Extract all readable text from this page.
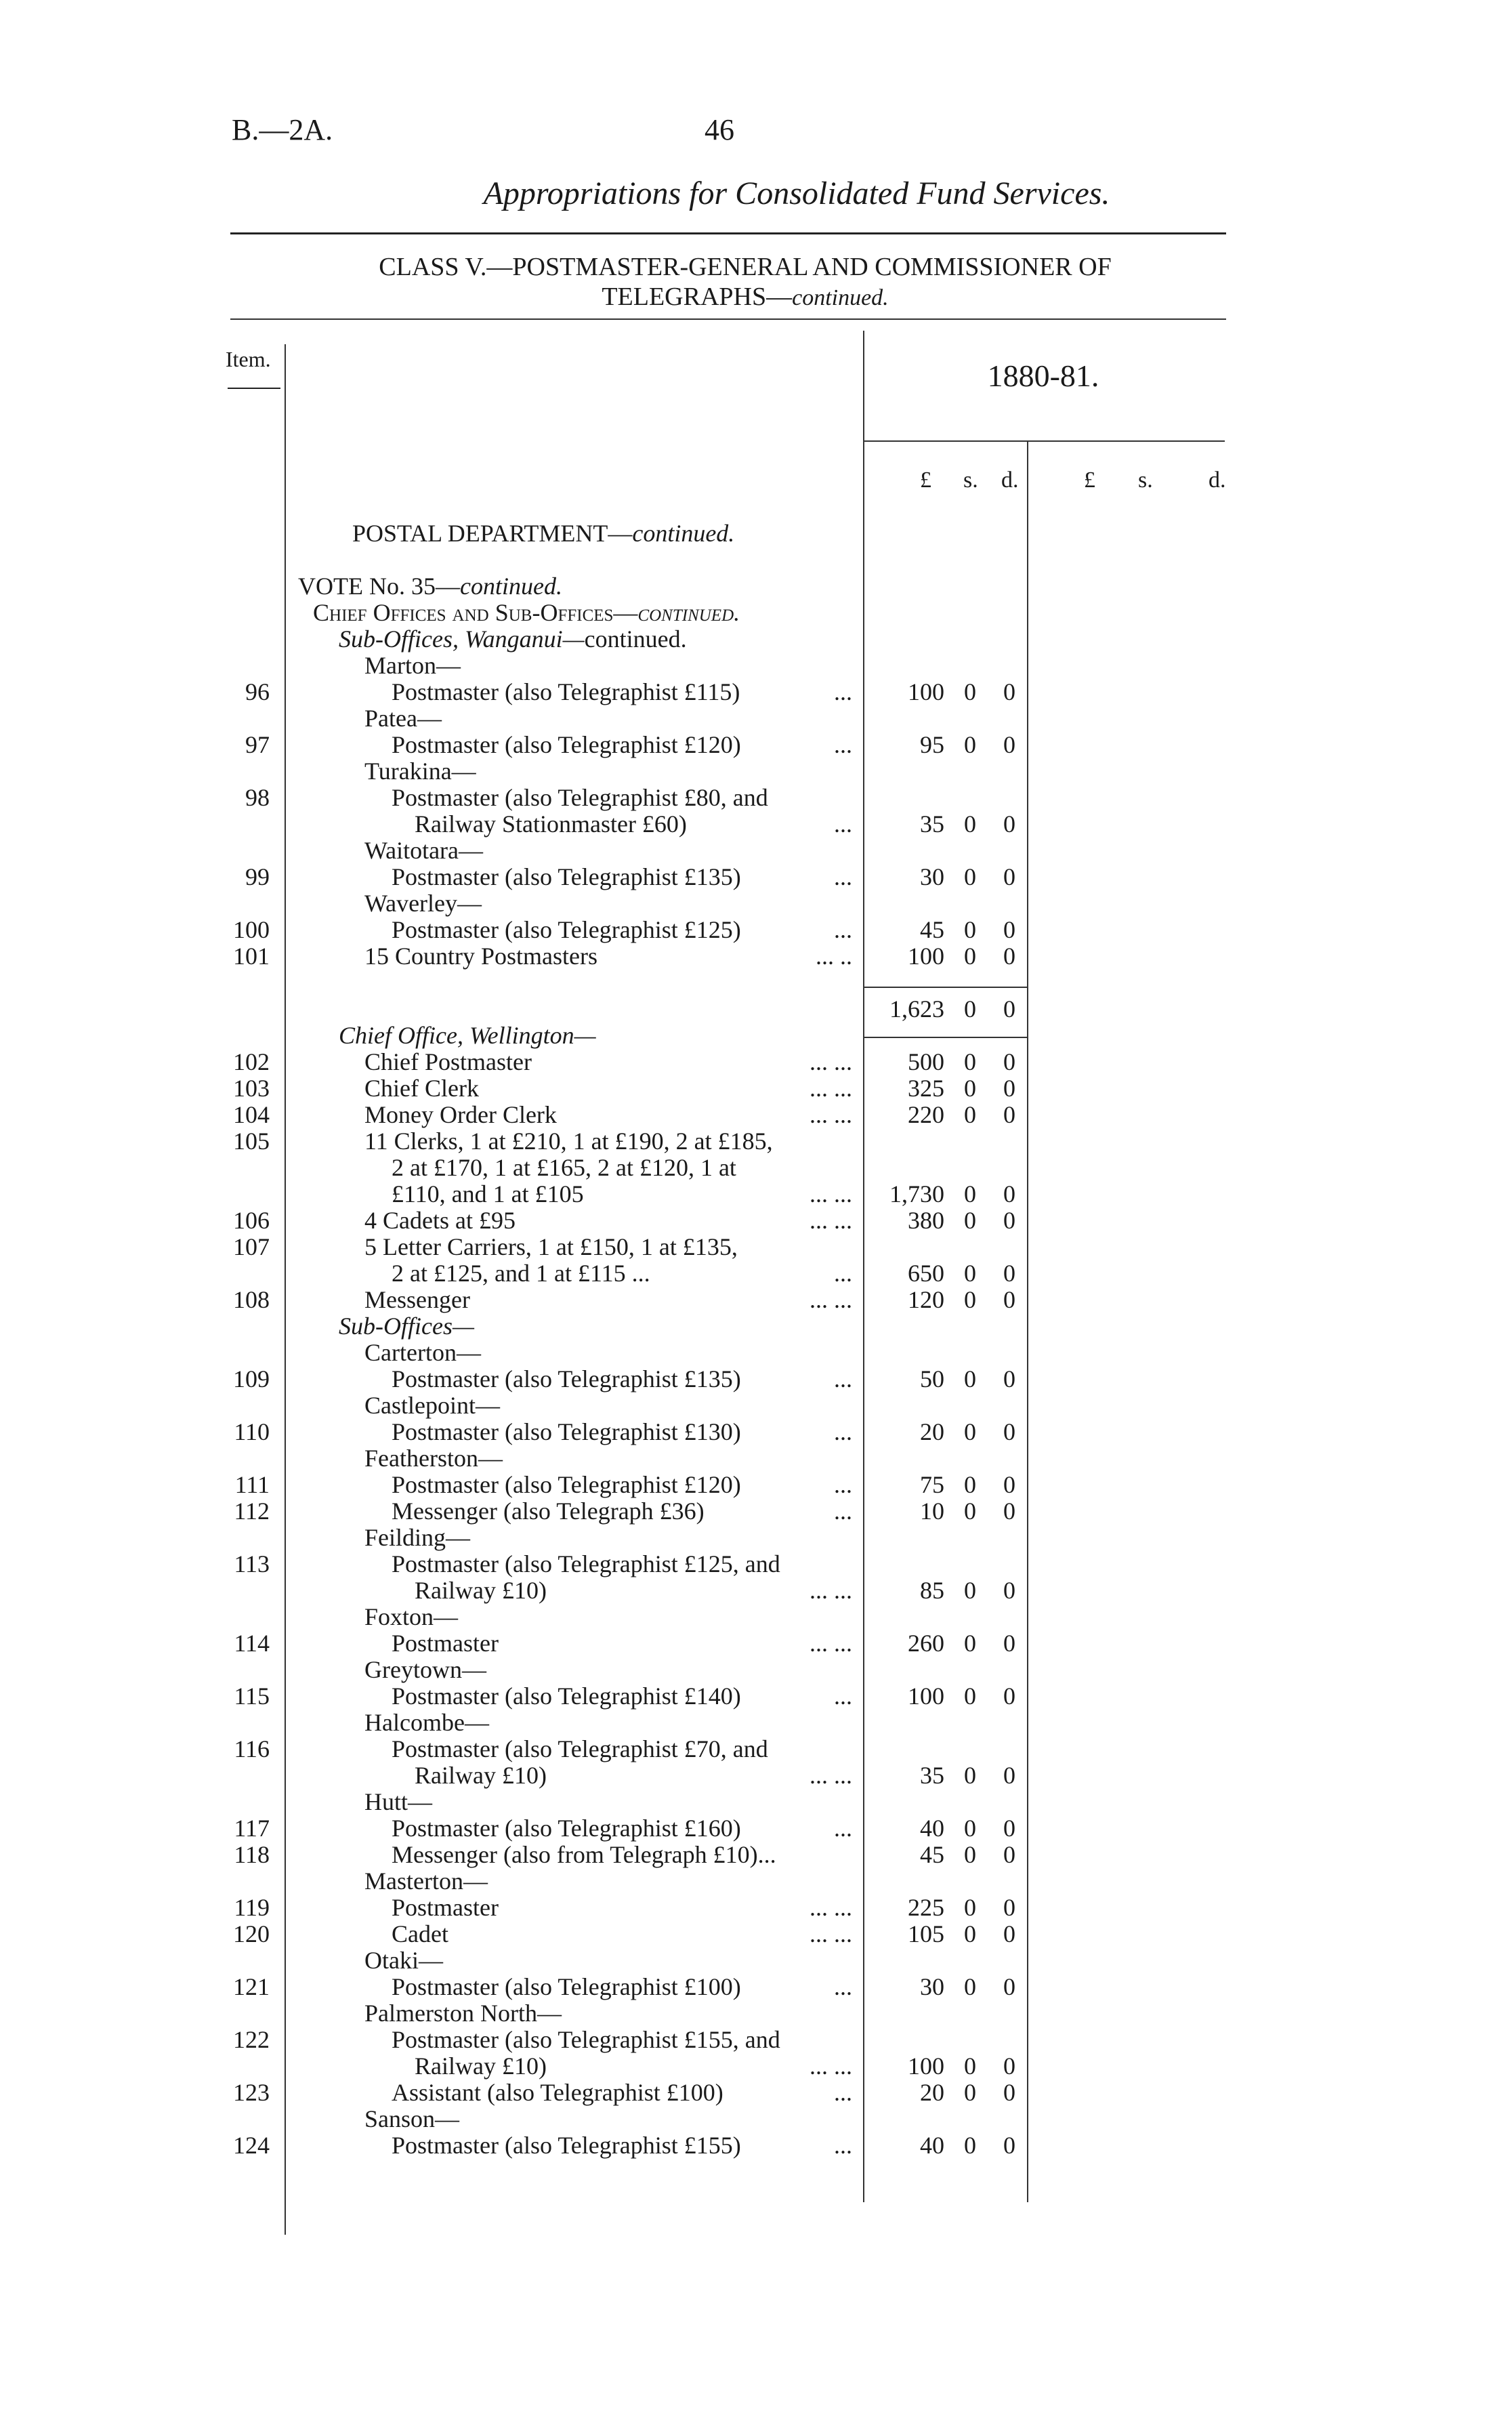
B.—2A.	46
Appropriations for Consolidated Fund Services.
CLASS V.—POSTMASTER-GENERAL AND COMMISSIONER OF
TELEGRAPHS—continued.
Item.	1880-81.
£ s. d.	£ s. d.
POSTAL DEPARTMENT—continued.
VOTE No. 35—continued.
Chief Offices and Sub-Offices—continued.
Sub-Offices, Wanganui—continued.
Marton—
96	Postmaster (also Telegraphist £115)	...	100 0 0
Patea—
97	Postmaster (also Telegraphist £120)	...	95 0 0
Turakina—
98	Postmaster (also Telegraphist £80, and
Railway Stationmaster £60)	...	35 0 0
Waitotara—
99	Postmaster (also Telegraphist £135)	...	30 0 0
Waverley—
100	Postmaster (also Telegraphist £125)	...	45 0 0
101	15 Country Postmasters	... ..	100 0 0
1,623 0 0
Chief Office, Wellington—
102	Chief Postmaster	... ...	500 0 0
103	Chief Clerk	... ...	325 0 0
104	Money Order Clerk	... ...	220 0 0
105	11 Clerks, 1 at £210, 1 at £190, 2 at £185,
2 at £170, 1 at £165, 2 at £120, 1 at
£110, and 1 at £105	... ...	1,730 0 0
106	4 Cadets at £95	... ...	380 0 0
107	5 Letter Carriers, 1 at £150, 1 at £135,
2 at £125, and 1 at £115 ...	...	650 0 0
108	Messenger	... ...	120 0 0
Sub-Offices—
Carterton—
109	Postmaster (also Telegraphist £135)	...	50 0 0
Castlepoint—
110	Postmaster (also Telegraphist £130)	...	20 0 0
Featherston—
111	Postmaster (also Telegraphist £120)	...	75 0 0
112	Messenger (also Telegraph £36)	...	10 0 0
Feilding—
113	Postmaster (also Telegraphist £125, and
Railway £10)	... ...	85 0 0
Foxton—
114	Postmaster	... ...	260 0 0
Greytown—
115	Postmaster (also Telegraphist £140)	...	100 0 0
Halcombe—
116	Postmaster (also Telegraphist £70, and
Railway £10)	... ...	35 0 0
Hutt—
117	Postmaster (also Telegraphist £160)	...	40 0 0
118	Messenger (also from Telegraph £10)...	45 0 0
Masterton—
119	Postmaster	... ...	225 0 0
120	Cadet	... ...	105 0 0
Otaki—
121	Postmaster (also Telegraphist £100)	...	30 0 0
Palmerston North—
122	Postmaster (also Telegraphist £155, and
Railway £10)	... ...	100 0 0
123	Assistant (also Telegraphist £100)	...	20 0 0
Sanson—
124	Postmaster (also Telegraphist £155)	...	40 0 0
